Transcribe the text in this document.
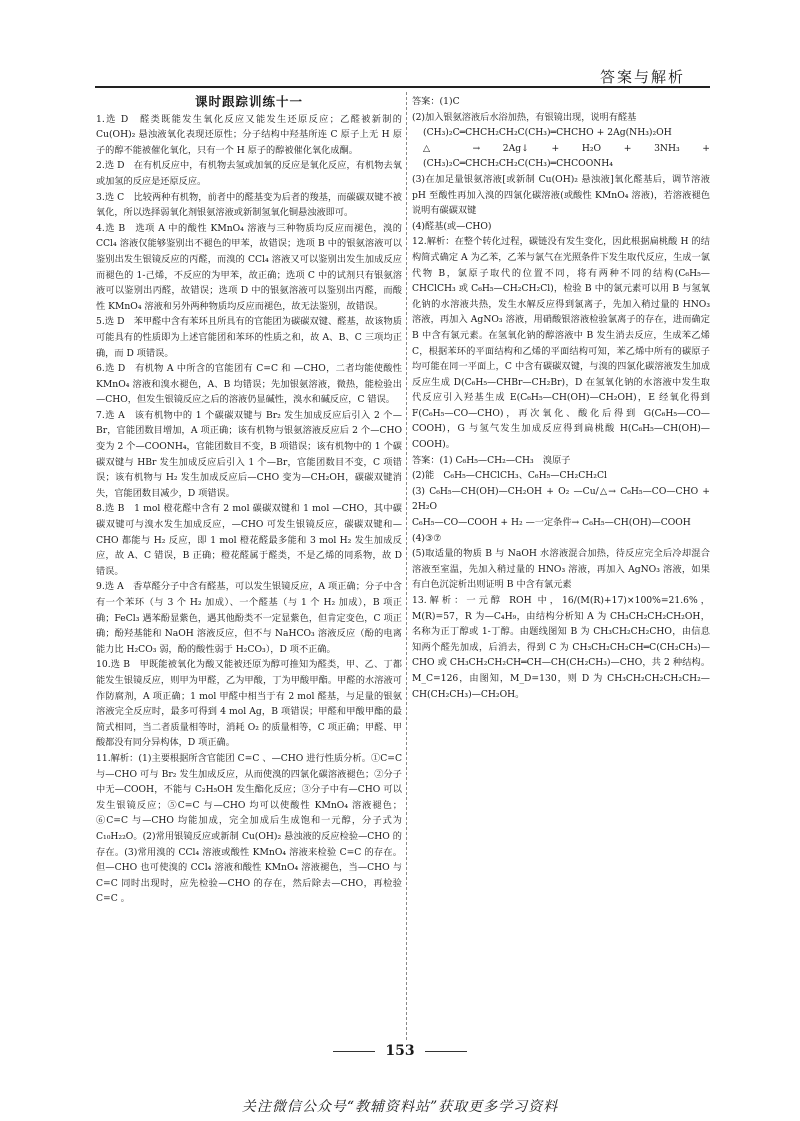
答案与解析
课时跟踪训练十一

1.选 D　醛类既能发生氧化反应又能发生还原反应；乙醛被新制的 Cu(OH)₂ 悬浊液氧化表现还原性；分子结构中羟基所连 C 原子上无 H 原子的醇不能被催化氧化，只有一个 H 原子的醇被催化氧化成酮。

2.选 D　在有机反应中，有机物去氢或加氧的反应是氧化反应，有机物去氧或加氢的反应是还原反应。

3.选 C　比较两种有机物，前者中的醛基变为后者的羧基，而碳碳双键不被氧化，所以选择弱氧化剂银氨溶液或新制氢氧化铜悬浊液即可。

4.选 B　选项 A 中的酸性 KMnO₄ 溶液与三种物质均反应而褪色，溴的 CCl₄ 溶液仅能够鉴别出不褪色的甲苯，故错误；选项 B 中的银氨溶液可以鉴别出发生银镜反应的丙醛，而溴的 CCl₄ 溶液又可以鉴别出发生加成反应而褪色的 1-己烯，不反应的为甲苯，故正确；选项 C 中的试剂只有银氨溶液可以鉴别出丙醛，故错误；选项 D 中的银氨溶液可以鉴别出丙醛，而酸性 KMnO₄ 溶液和另外两种物质均反应而褪色，故无法鉴别，故错误。

5.选 D　苯甲醛中含有苯环且所具有的官能团为碳碳双键、醛基，故该物质可能具有的性质即为上述官能团和苯环的性质之和，故 A、B、C 三项均正确，而 D 项错误。

6.选 D　有机物 A 中所含的官能团有 C=C 和 —CHO，二者均能使酸性 KMnO₄ 溶液和溴水褪色，A、B 均错误；先加银氨溶液，微热，能检验出—CHO，但发生银镜反应之后的溶液仍显碱性，溴水和碱反应，C 错误。

7.选 A　该有机物中的 1 个碳碳双键与 Br₂ 发生加成反应后引入 2 个—Br，官能团数目增加，A 项正确；该有机物与银氨溶液反应后 2 个—CHO 变为 2 个—COONH₄，官能团数目不变，B 项错误；该有机物中的 1 个碳碳双键与 HBr 发生加成反应后引入 1 个—Br，官能团数目不变，C 项错误；该有机物与 H₂ 发生加成反应后—CHO 变为—CH₂OH，碳碳双键消失，官能团数目减少，D 项错误。

8.选 B　1 mol 橙花醛中含有 2 mol 碳碳双键和 1 mol —CHO，其中碳碳双键可与溴水发生加成反应，—CHO 可发生银镜反应，碳碳双键和—CHO 都能与 H₂ 反应，即 1 mol 橙花醛最多能和 3 mol H₂ 发生加成反应，故 A、C 错误，B 正确；橙花醛属于醛类，不是乙烯的同系物，故 D 错误。

9.选 A　香草醛分子中含有醛基，可以发生银镜反应，A 项正确；分子中含有一个苯环（与 3 个 H₂ 加成）、一个醛基（与 1 个 H₂ 加成），B 项正确；FeCl₃ 遇苯酚显紫色，遇其他酚类不一定显紫色，但肯定变色，C 项正确；酚羟基能和 NaOH 溶液反应，但不与 NaHCO₃ 溶液反应（酚的电离能力比 H₂CO₃ 弱，酚的酸性弱于 H₂CO₃），D 项不正确。

10.选 B　甲既能被氧化为酸又能被还原为醇可推知为醛类，甲、乙、丁都能发生银镜反应，则甲为甲醛，乙为甲酸，丁为甲酸甲酯。甲醛的水溶液可作防腐剂，A 项正确；1 mol 甲醛中相当于有 2 mol 醛基，与足量的银氨溶液完全反应时，最多可得到 4 mol Ag，B 项错误；甲醛和甲酸甲酯的最简式相同，当二者质量相等时，消耗 O₂ 的质量相等，C 项正确；甲醛、甲酸都没有同分异构体，D 项正确。

11.解析：(1)主要根据所含官能团 C=C 、—CHO 进行性质分析。①C=C 与—CHO 可与 Br₂ 发生加成反应，从而使溴的四氯化碳溶液褪色；②分子中无—COOH，不能与 C₂H₅OH 发生酯化反应；③分子中有—CHO 可以发生银镜反应；⑤C=C 与—CHO 均可以使酸性 KMnO₄ 溶液褪色；⑥C=C 与—CHO 均能加成，完全加成后生成饱和一元醇，分子式为 C₁₀H₂₂O。(2)常用银镜反应或新制 Cu(OH)₂ 悬浊液的反应检验—CHO 的存在。(3)常用溴的 CCl₄ 溶液或酸性 KMnO₄ 溶液来检验 C=C 的存在。但—CHO 也可使溴的 CCl₄ 溶液和酸性 KMnO₄ 溶液褪色，当—CHO 与 C=C 同时出现时，应先检验—CHO 的存在，然后除去—CHO，再检验 C=C 。

答案：(1)C

(2)加入银氨溶液后水浴加热，有银镜出现，说明有醛基

(CH₃)₂C═CHCH₂CH₂C(CH₃)═CHCHO + 2Ag(NH₃)₂OH

△ → 2Ag↓ + H₂O + 3NH₃ + (CH₃)₂C═CHCH₂CH₂C(CH₃)═CHCOONH₄

(3)在加足量银氨溶液[或新制 Cu(OH)₂ 悬浊液]氧化醛基后，调节溶液 pH 至酸性再加入溴的四氯化碳溶液(或酸性 KMnO₄ 溶液)，若溶液褪色说明有碳碳双键

(4)醛基(或—CHO)

12.解析：在整个转化过程，碳链没有发生变化，因此根据扁桃酸 H 的结构简式确定 A 为乙苯，乙苯与氯气在光照条件下发生取代反应，生成一氯代物 B，氯原子取代的位置不同，将有两种不同的结构(C₆H₅—CHClCH₃ 或 C₆H₅—CH₂CH₂Cl)，检验 B 中的氯元素可以用 B 与氢氧化钠的水溶液共热，发生水解反应得到氯离子，先加入稍过量的 HNO₃ 溶液，再加入 AgNO₃ 溶液，用硝酸银溶液检验氯离子的存在，进而确定 B 中含有氯元素。在氢氧化钠的醇溶液中 B 发生消去反应，生成苯乙烯 C，根据苯环的平面结构和乙烯的平面结构可知，苯乙烯中所有的碳原子均可能在同一平面上，C 中含有碳碳双键，与溴的四氯化碳溶液发生加成反应生成 D(C₆H₅—CHBr—CH₂Br)，D 在氢氧化钠的水溶液中发生取代反应引入羟基生成 E(C₆H₅—CH(OH)—CH₂OH)，E 经氧化得到 F(C₆H₅—CO—CHO)，再次氧化、酸化后得到 G(C₆H₅—CO—COOH)，G 与氢气发生加成反应得到扁桃酸 H(C₆H₅—CH(OH)—COOH)。

答案：(1) C₆H₅—CH₂—CH₃　溴原子

(2)能　C₆H₅—CHClCH₃、C₆H₅—CH₂CH₂Cl

(3) C₆H₅—CH(OH)—CH₂OH + O₂ —Cu/△→ C₆H₅—CO—CHO + 2H₂O

C₆H₅—CO—COOH + H₂ —一定条件→ C₆H₅—CH(OH)—COOH

(4)③⑦

(5)取适量的物质 B 与 NaOH 水溶液混合加热，待反应完全后冷却混合溶液至室温，先加入稍过量的 HNO₃ 溶液，再加入 AgNO₃ 溶液，如果有白色沉淀析出则证明 B 中含有氯元素

13.解析：一元醇 ROH 中，16/(M(R)+17)×100%=21.6%，M(R)=57，R 为—C₄H₉，由结构分析知 A 为 CH₃CH₂CH₂CH₂OH，名称为正丁醇或 1-丁醇。由题线图知 B 为 CH₃CH₂CH₂CHO，由信息知两个醛先加成，后消去，得到 C 为 CH₃CH₂CH₂CH═C(CH₂CH₃)—CHO 或 CH₃CH₂CH₂CH═CH—CH(CH₂CH₃)—CHO，共 2 种结构。M_C=126，由图知，M_D=130，则 D 为 CH₃CH₂CH₂CH₂CH₂—CH(CH₂CH₃)—CH₂OH。

153
关注微信公众号“教辅资料站”获取更多学习资料
